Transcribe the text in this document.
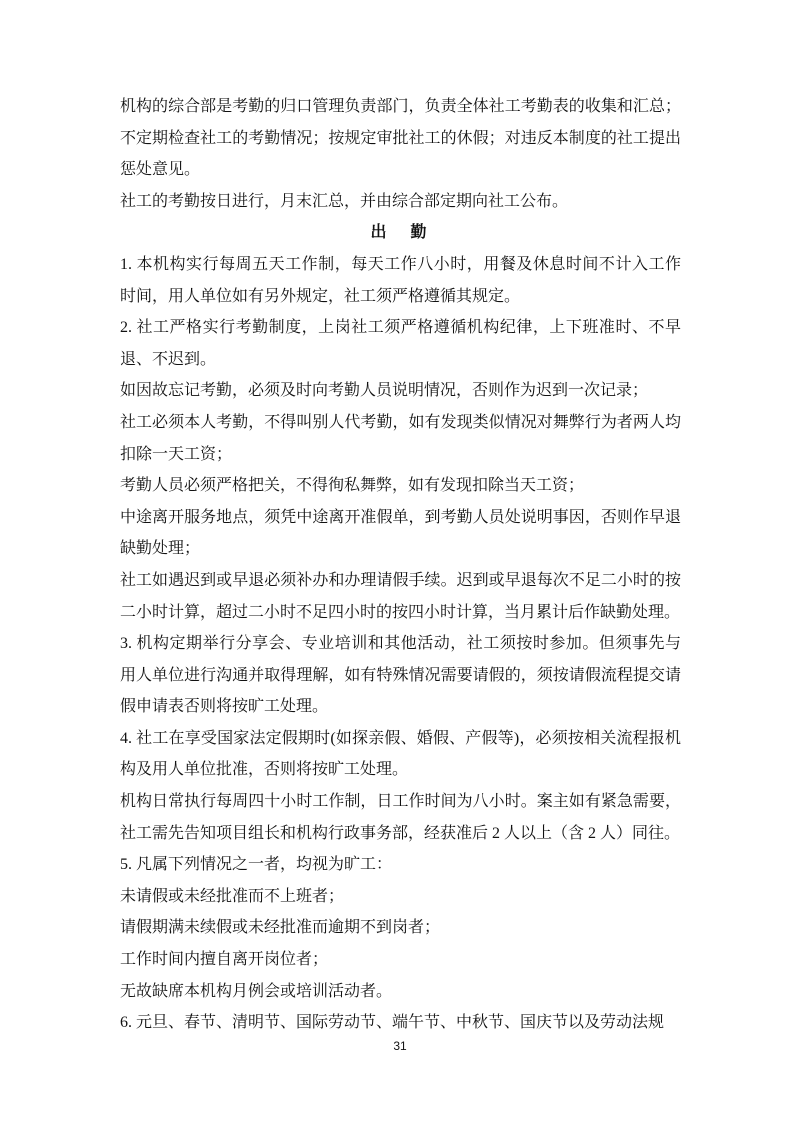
机构的综合部是考勤的归口管理负责部门，负责全体社工考勤表的收集和汇总；
不定期检查社工的考勤情况；按规定审批社工的休假；对违反本制度的社工提出
惩处意见。
社工的考勤按日进行，月末汇总，并由综合部定期向社工公布。
出　勤
1. 本机构实行每周五天工作制，每天工作八小时，用餐及休息时间不计入工作
时间，用人单位如有另外规定，社工须严格遵循其规定。
2. 社工严格实行考勤制度，上岗社工须严格遵循机构纪律，上下班准时、不早
退、不迟到。
如因故忘记考勤，必须及时向考勤人员说明情况，否则作为迟到一次记录；
社工必须本人考勤，不得叫别人代考勤，如有发现类似情况对舞弊行为者两人均
扣除一天工资；
考勤人员必须严格把关，不得徇私舞弊，如有发现扣除当天工资；
中途离开服务地点，须凭中途离开准假单，到考勤人员处说明事因，否则作早退
缺勤处理；
社工如遇迟到或早退必须补办和办理请假手续。迟到或早退每次不足二小时的按
二小时计算，超过二小时不足四小时的按四小时计算，当月累计后作缺勤处理。
3. 机构定期举行分享会、专业培训和其他活动，社工须按时参加。但须事先与
用人单位进行沟通并取得理解，如有特殊情况需要请假的，须按请假流程提交请
假申请表否则将按旷工处理。
4. 社工在享受国家法定假期时(如探亲假、婚假、产假等)，必须按相关流程报机
构及用人单位批准，否则将按旷工处理。
机构日常执行每周四十小时工作制，日工作时间为八小时。案主如有紧急需要，
社工需先告知项目组长和机构行政事务部，经获准后 2 人以上（含 2 人）同往。
5. 凡属下列情况之一者，均视为旷工：
未请假或未经批准而不上班者；
请假期满未续假或未经批准而逾期不到岗者；
工作时间内擅自离开岗位者；
无故缺席本机构月例会或培训活动者。
6. 元旦、春节、清明节、国际劳动节、端午节、中秋节、国庆节以及劳动法规
31
